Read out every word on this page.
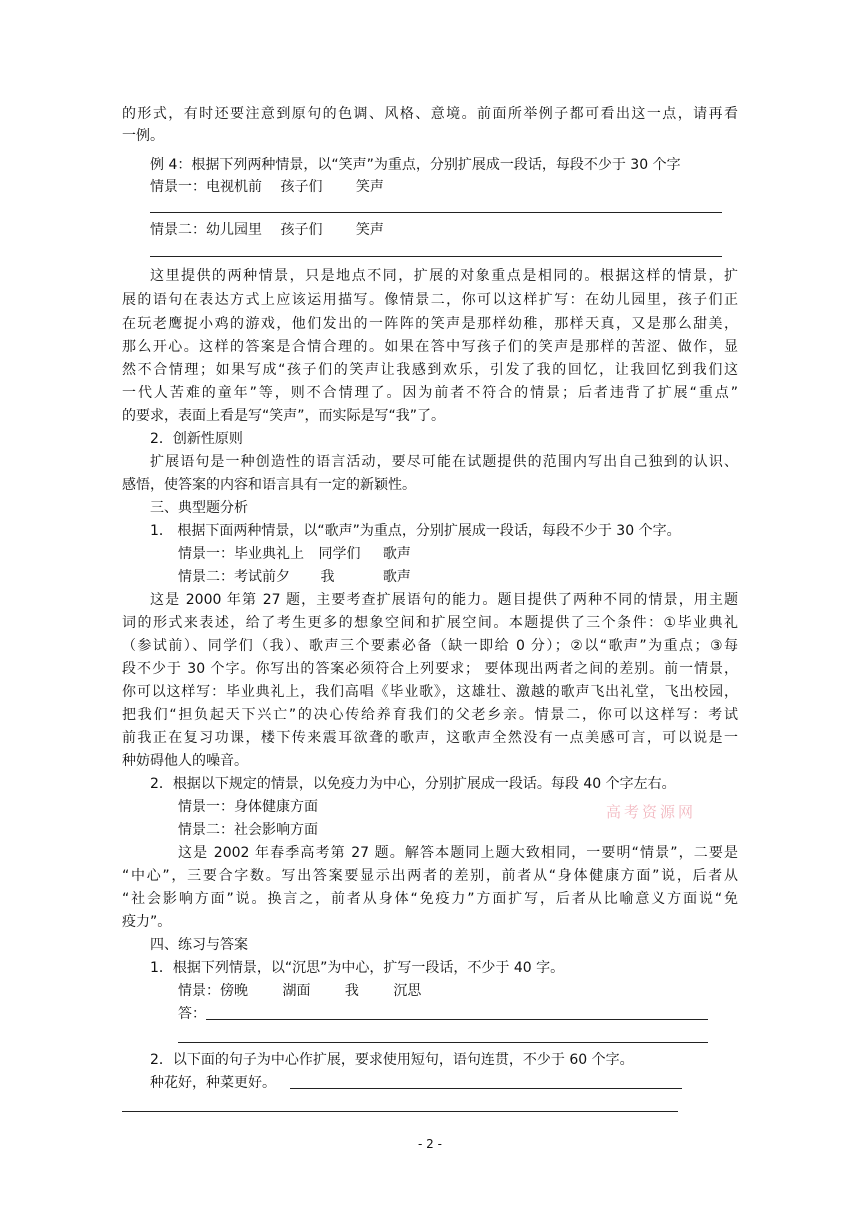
的形式，有时还要注意到原句的色调、风格、意境。前面所举例子都可看出这一点，请再看
一例。
例 4：根据下列两种情景，以“笑声”为重点，分别扩展成一段话，每段不少于 30 个字
情景一：电视机前 孩子们 笑声
情景二：幼儿园里 孩子们 笑声
这里提供的两种情景，只是地点不同，扩展的对象重点是相同的。根据这样的情景，扩
展的语句在表达方式上应该运用描写。像情景二，你可以这样扩写：在幼儿园里，孩子们正
在玩老鹰捉小鸡的游戏，他们发出的一阵阵的笑声是那样幼稚，那样天真，又是那么甜美，
那么开心。这样的答案是合情合理的。如果在答中写孩子们的笑声是那样的苦涩、做作，显
然不合情理；如果写成“孩子们的笑声让我感到欢乐，引发了我的回忆，让我回忆到我们这
一代人苦难的童年”等，则不合情理了。因为前者不符合的情景；后者违背了扩展“重点”
的要求，表面上看是写“笑声”，而实际是写“我”了。
2．创新性原则
扩展语句是一种创造性的语言活动，要尽可能在试题提供的范围内写出自己独到的认识、
感悟，使答案的内容和语言具有一定的新颖性。
三、典型题分析
1． 根据下面两种情景，以“歌声”为重点，分别扩展成一段话，每段不少于 30 个字。
情景一：毕业典礼上 同学们 歌声
情景二：考试前夕 我	歌声
这是 2000 年第 27 题，主要考查扩展语句的能力。题目提供了两种不同的情景，用主题
词的形式来表述，给了考生更多的想象空间和扩展空间。本题提供了三个条件：①毕业典礼
（参试前）、同学们（我）、歌声三个要素必备（缺一即给 0 分）；②以“歌声”为重点；③每
段不少于 30 个字。你写出的答案必须符合上列要求； 要体现出两者之间的差别。前一情景，
你可以这样写：毕业典礼上，我们高唱《毕业歌》，这雄壮、激越的歌声飞出礼堂，飞出校园，
把我们“担负起天下兴亡”的决心传给养育我们的父老乡亲。情景二，你可以这样写：考试
前我正在复习功课，楼下传来震耳欲聋的歌声，这歌声全然没有一点美感可言，可以说是一
种妨碍他人的噪音。
2．根据以下规定的情景，以免疫力为中心，分别扩展成一段话。每段 40 个字左右。
情景一：身体健康方面
情景二：社会影响方面
这是 2002 年春季高考第 27 题。解答本题同上题大致相同，一要明“情景”，二要是
“中心”，三要合字数。写出答案要显示出两者的差别，前者从“身体健康方面”说，后者从
“社会影响方面”说。换言之，前者从身体“免疫力”方面扩写，后者从比喻意义方面说“免
疫力”。
四、练习与答案
1．根据下列情景，以“沉思”为中心，扩写一段话，不少于 40 字。
情景：傍晚 湖面 我 沉思
答：
2．以下面的句子为中心作扩展，要求使用短句，语句连贯，不少于 60 个字。
种花好，种菜更好。
高考资源网
- 2 -
